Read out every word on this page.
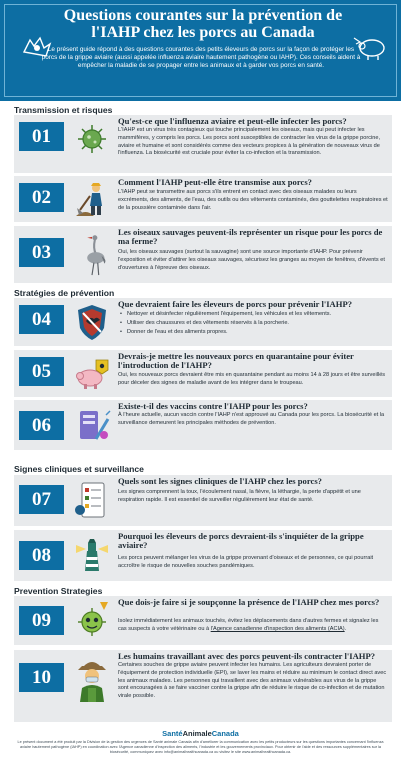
Questions courantes sur la prévention de l'IAHP chez les porcs au Canada
Le présent guide répond à des questions courantes des petits éleveurs de porcs sur la façon de protéger les porcs de la grippe aviaire (aussi appelée influenza aviaire hautement pathogène ou IAHP). Ces conseils aident à empêcher la maladie de se propager entre les animaux et à garder vos porcs en santé.
Transmission et risques
01
Qu'est-ce que l'influenza aviaire et peut-elle infecter les porcs?
L'IAHP est un virus très contagieux qui touche principalement les oiseaux, mais qui peut infecter les mammifères, y compris les porcs. Les porcs sont susceptibles de contracter les virus de la grippe porcine, aviaire et humaine et sont considérés comme des vecteurs propices à la génération de nouveaux virus de l'influenza. La biosécurité est cruciale pour éviter la co-infection et la transmission.
02
Comment l'IAHP peut-elle être transmise aux porcs?
L'IAHP peut se transmettre aux porcs s'ils entrent en contact avec des oiseaux malades ou leurs excréments, des aliments, de l'eau, des outils ou des vêtements contaminés, des gouttelettes respiratoires et de la poussière contaminée dans l'air.
03
Les oiseaux sauvages peuvent-ils représenter un risque pour les porcs de ma ferme?
Oui, les oiseaux sauvages (surtout la sauvagine) sont une source importante d'IAHP. Pour prévenir l'exposition et éviter d'attirer les oiseaux sauvages, sécurisez les granges au moyen de fenêtres, d'évents et d'ouvertures à l'épreuve des oiseaux.
Stratégies de prévention
04
Que devraient faire les éleveurs de porcs pour prévenir l'IAHP?
• Nettoyer et désinfecter régulièrement l'équipement, les véhicules et les vêtements.
• Utiliser des chaussures et des vêtements réservés à la porcherie.
• Donner de l'eau et des aliments propres.
05
Devrais-je mettre les nouveaux porcs en quarantaine pour éviter l'introduction de l'IAHP?
Oui, les nouveaux porcs devraient être mis en quarantaine pendant au moins 14 à 28 jours et être surveillés pour déceler des signes de maladie avant de les intégrer dans le troupeau.
06
Existe-t-il des vaccins contre l'IAHP pour les porcs?
À l'heure actuelle, aucun vaccin contre l'IAHP n'est approuvé au Canada pour les porcs. La biosécurité et la surveillance demeurent les principales méthodes de prévention.
Signes cliniques et surveillance
07
Quels sont les signes cliniques de l'IAHP chez les porcs?
Les signes comprennent la toux, l'écoulement nasal, la fièvre, la léthargie, la perte d'appétit et une respiration rapide. Il est essentiel de surveiller régulièrement leur état de santé.
08
Pourquoi les éleveurs de porcs devraient-ils s'inquiéter de la grippe aviaire?
Les porcs peuvent mélanger les virus de la grippe provenant d'oiseaux et de personnes, ce qui pourrait accroître le risque de nouvelles souches pandémiques.
Prevention Strategies
09
Que dois-je faire si je soupçonne la présence de l'IAHP chez mes porcs?
Isolez immédiatement les animaux touchés, évitez les déplacements dans d'autres fermes et signalez les cas suspects à votre vétérinaire ou à l'Agence canadienne d'inspection des aliments (ACIA).
10
Les humains travaillant avec des porcs peuvent-ils contracter l'IAHP?
Certaines souches de grippe aviaire peuvent infecter les humains. Les agriculteurs devraient porter de l'équipement de protection individuelle (EPI), se laver les mains et réduire au minimum le contact direct avec les animaux malades. Les personnes qui travaillent avec des animaux vulnérables aux virus de la grippe sont encouragées à se faire vacciner contre la grippe afin de réduire le risque de co-infection et de mutation virale possible.
SantéAnimaleCanada
Le présent document a été produit par la Division de la gestion des urgences de Santé animale Canada afin d'améliorer la communication avec les petits producteurs sur les questions importantes concernant l'influenza aviaire hautement pathogène (IAHP) en coordination avec l'Agence canadienne d'inspection des aliments, l'industrie et les gouvernements provinciaux. Pour obtenir de l'aide et des ressources supplémentaires sur la biosécurité, communiquez avec info@animalhealthcanada.ca ou visitez le site www.animalhealthcanada.ca.
